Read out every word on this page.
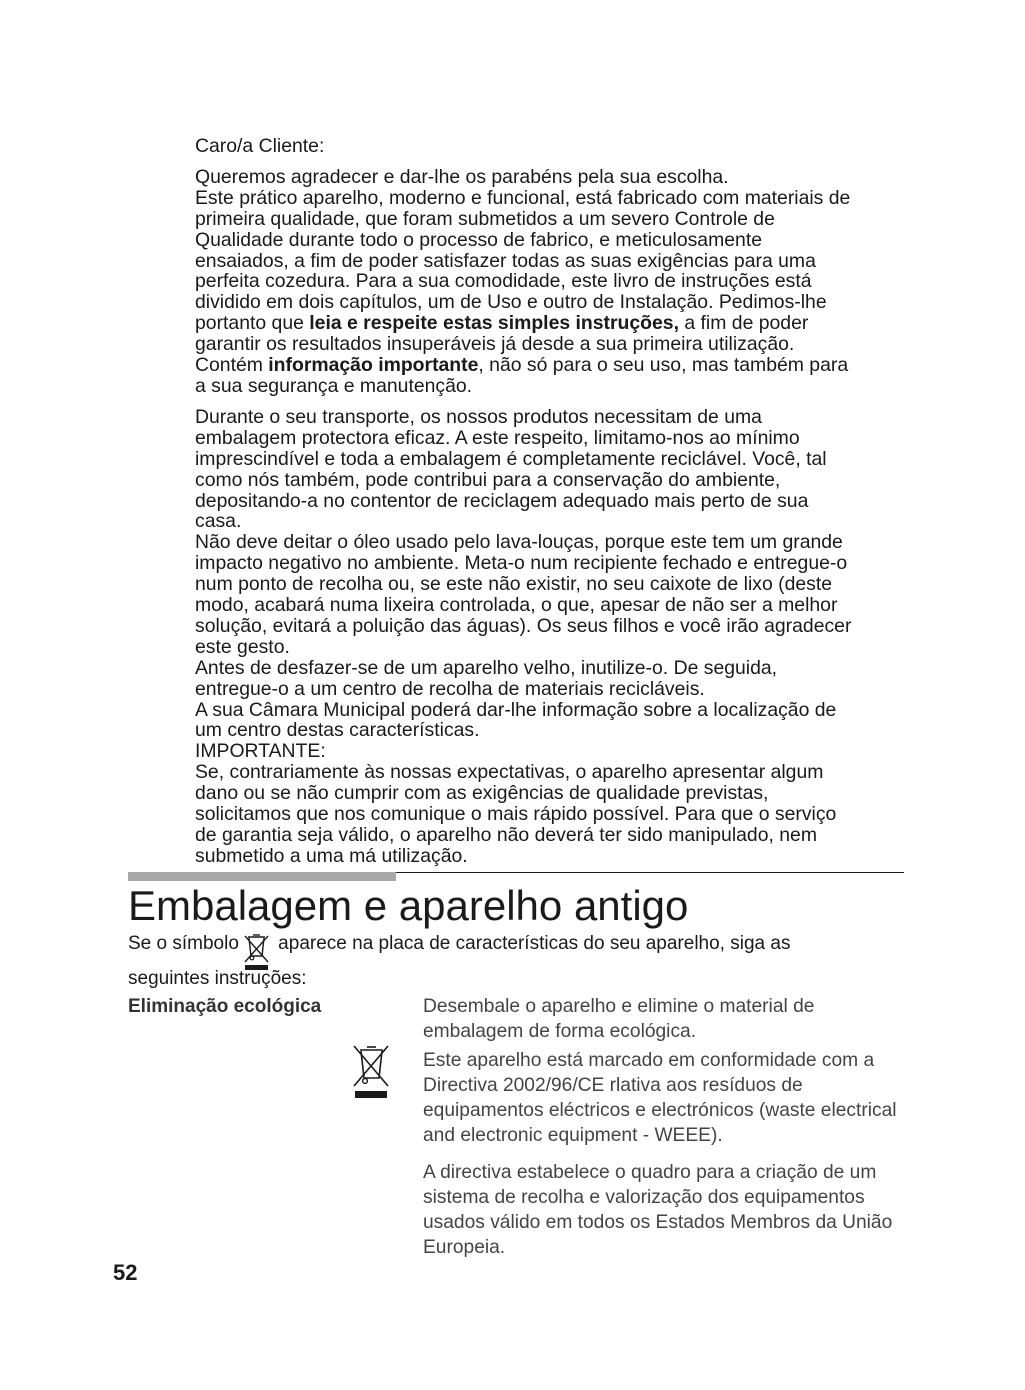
Caro/a Cliente:

Queremos agradecer e dar-lhe os parabéns pela sua escolha.
Este prático aparelho, moderno e funcional, está fabricado com materiais de primeira qualidade, que foram submetidos a um severo Controle de Qualidade durante todo o processo de fabrico, e meticulosamente ensaiados, a fim de poder satisfazer todas as suas exigências para uma perfeita cozedura. Para a sua comodidade, este livro de instruções está dividido em dois capítulos, um de Uso e outro de Instalação. Pedimos-lhe portanto que leia e respeite estas simples instruções, a fim de poder garantir os resultados insuperáveis já desde a sua primeira utilização. Contém informação importante, não só para o seu uso, mas também para a sua segurança e manutenção.

Durante o seu transporte, os nossos produtos necessitam de uma embalagem protectora eficaz. A este respeito, limitamo-nos ao mínimo imprescindível e toda a embalagem é completamente reciclável. Você, tal como nós também, pode contribui para a conservação do ambiente, depositando-a no contentor de reciclagem adequado mais perto de sua casa.

Não deve deitar o óleo usado pelo lava-louças, porque este tem um grande impacto negativo no ambiente. Meta-o num recipiente fechado e entregue-o num ponto de recolha ou, se este não existir, no seu caixote de lixo (deste modo, acabará numa lixeira controlada, o que, apesar de não ser a melhor solução, evitará a poluição das águas). Os seus filhos e você irão agradecer este gesto.

Antes de desfazer-se de um aparelho velho, inutilize-o. De seguida, entregue-o a um centro de recolha de materiais recicláveis.

A sua Câmara Municipal poderá dar-lhe informação sobre a localização de um centro destas características.

IMPORTANTE:

Se, contrariamente às nossas expectativas, o aparelho apresentar algum dano ou se não cumprir com as exigências de qualidade previstas, solicitamos que nos comunique o mais rápido possível. Para que o serviço de garantia seja válido, o aparelho não deverá ter sido manipulado, nem submetido a uma má utilização.

Embalagem e aparelho antigo
Se o símbolo aparece na placa de características do seu aparelho, siga as
seguintes instruções:
Eliminação ecológica	Desembale o aparelho e elimine o material de embalagem de forma ecológica.

Este aparelho está marcado em conformidade com a Directiva 2002/96/CE rlativa aos resíduos de equipamentos eléctricos e electrónicos (waste electrical and electronic equipment - WEEE).

A directiva estabelece o quadro para a criação de um sistema de recolha e valorização dos equipamentos usados válido em todos os Estados Membros da União Europeia.

52
